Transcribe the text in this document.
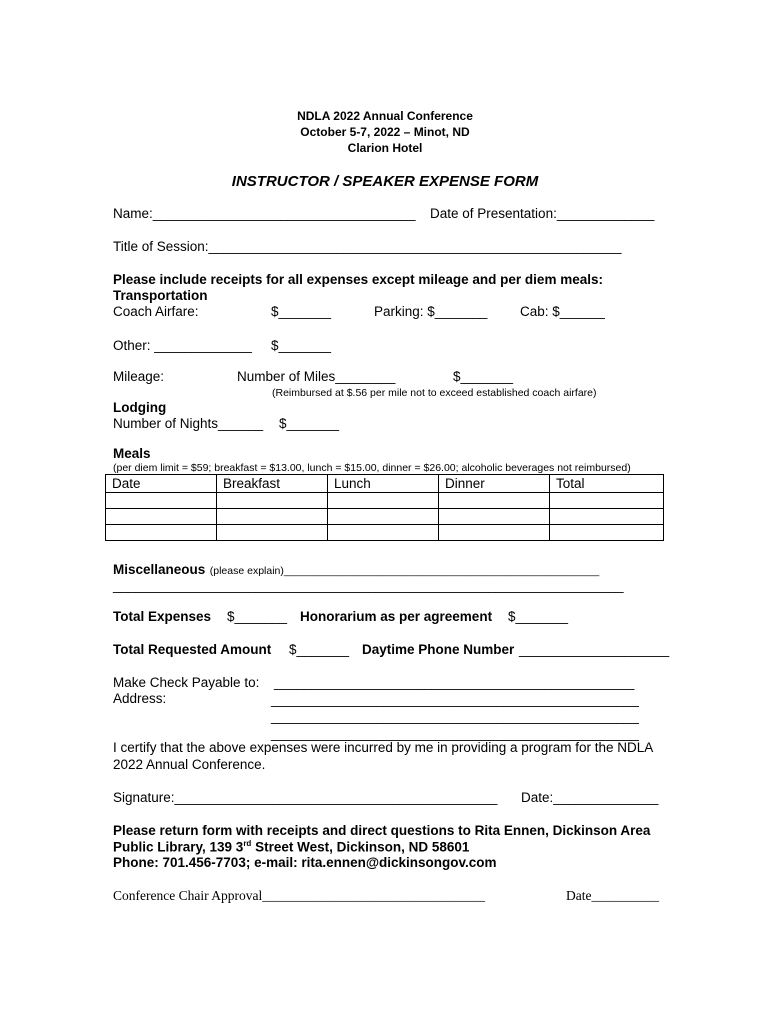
NDLA 2022 Annual Conference
October 5-7, 2022 – Minot, ND
Clarion Hotel
INSTRUCTOR / SPEAKER EXPENSE FORM
Name:___________________________________ Date of Presentation:_____________
Title of Session:_______________________________________________________
Please include receipts for all expenses except mileage and per diem meals:
Transportation
Coach Airfare:	$_______	Parking: $_______ Cab: $______
Other: _____________ $_______
Mileage:	Number of Miles________	$_______
(Reimbursed at $.56 per mile not to exceed established coach airfare)
Lodging
Number of Nights______ $_______
Meals
(per diem limit = $59; breakfast = $13.00, lunch = $15.00, dinner = $26.00; alcoholic beverages not reimbursed)
Date	Breakfast	Lunch	Dinner	Total

Miscellaneous (please explain)______________________________________________________
____________________________________________________________________
Total Expenses $_______ Honorarium as per agreement $_______
Total Requested Amount $_______ Daytime Phone Number ____________________
Make Check Payable to: ________________________________________________
Address:	_________________________________________________
_________________________________________________
_________________________________________________
I certify that the above expenses were incurred by me in providing a program for the NDLA
2022 Annual Conference.
Signature:___________________________________________ Date:______________
Please return form with receipts and direct questions to Rita Ennen, Dickinson Area
Public Library, 139 3rd Street West, Dickinson, ND 58601
Phone: 701.456-7703; e-mail: rita.ennen@dickinsongov.com
Conference Chair Approval_________________________________	Date__________
